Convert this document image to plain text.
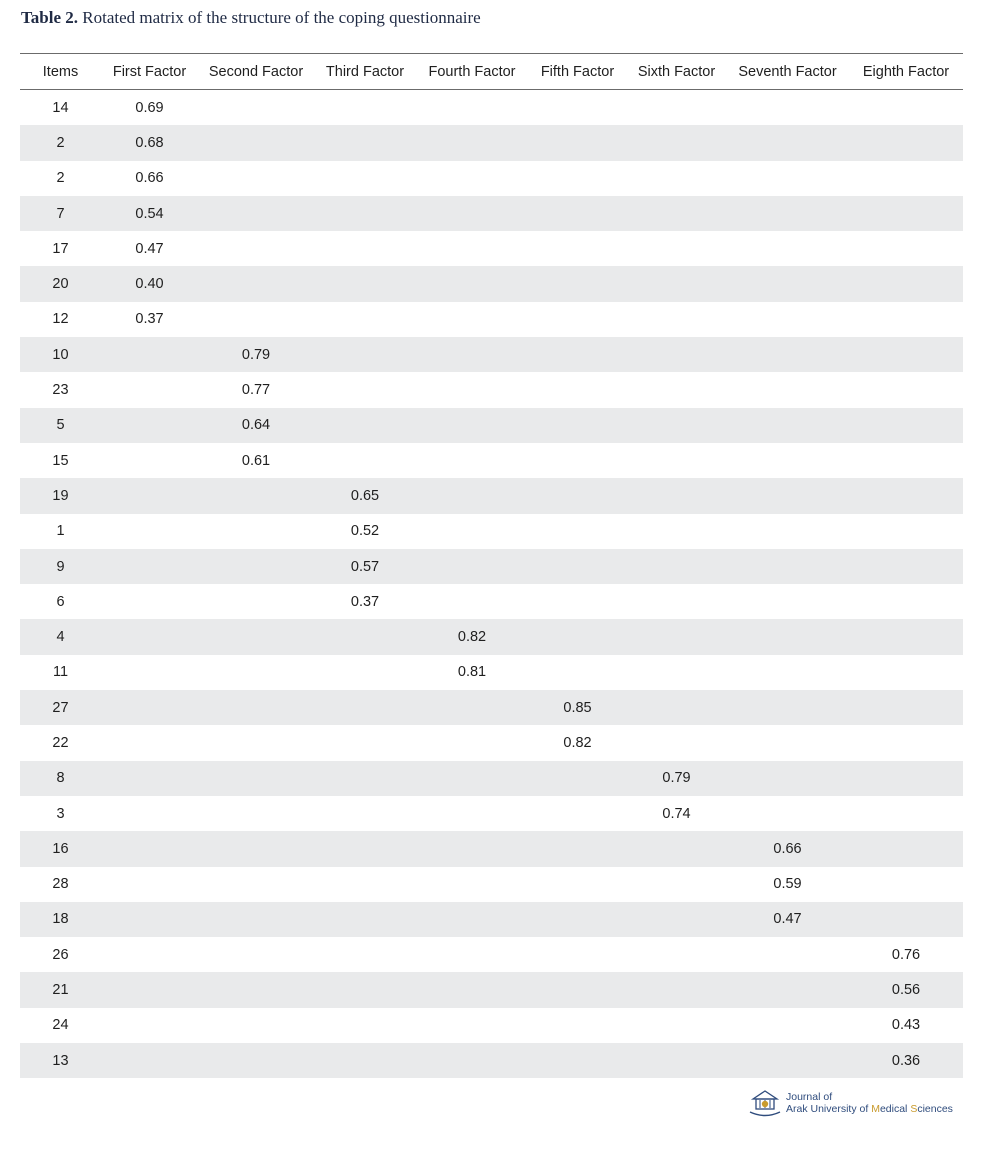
Table 2. Rotated matrix of the structure of the coping questionnaire
Items	First Factor	Second Factor	Third Factor	Fourth Factor	Fifth Factor	Sixth Factor	Seventh Factor	Eighth Factor
14	0.69							
2	0.68							
2	0.66							
7	0.54							
17	0.47							
20	0.40							
12	0.37							
10		0.79						
23		0.77						
5		0.64						
15		0.61						
19			0.65					
1			0.52					
9			0.57					
6			0.37					
4				0.82				
11				0.81				
27					0.85			
22					0.82			
8						0.79		
3						0.74		
16							0.66	
28							0.59	
18							0.47	
26								0.76
21								0.56
24								0.43
13								0.36
Journal of
Arak University of Medical Sciences
